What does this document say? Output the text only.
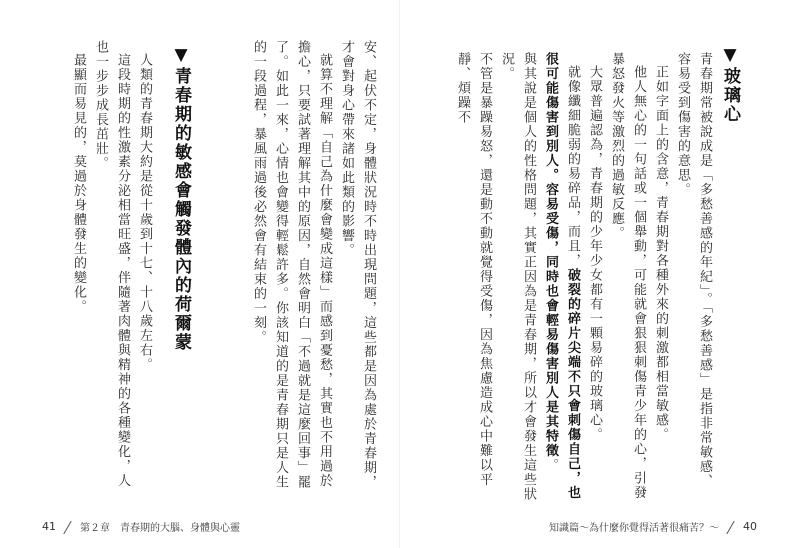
安、起伏不定，身體狀況時不時出現問題，這些都是因為處於青春期，才會對身心帶來諸如此類的影響。

就算不理解「自己為什麼會變成這樣」而感到憂愁，其實也不用過於擔心，只要試著理解其中的原因，自然會明白「不過就是這麼回事」罷了。如此一來，心情也會變得輕鬆許多。你該知道的是青春期只是人生的一段過程，暴風雨過後必然會有結束的一刻。

▼青春期的敏感會觸發體內的荷爾蒙

人類的青春期大約是從十歲到十七、十八歲左右。

這段時期的性激素分泌相當旺盛，伴隨著肉體與精神的各種變化，人也一步步成長茁壯。

最顯而易見的，莫過於身體發生的變化。

41 第２章　青春期的大腦、身體與心靈
▼玻璃心

青春期常被說成是「多愁善感的年紀」。「多愁善感」是指非常敏感、容易受到傷害的意思。

正如字面上的含意，青春期對各種外來的刺激都相當敏感。

他人無心的一句話或一個舉動，可能就會狠狠刺傷青少年的心，引發暴怒發火等激烈的過敏反應。

大眾普遍認為，青春期的少年少女都有一顆易碎的玻璃心。

就像纖細脆弱的易碎品，而且，破裂的碎片尖端不只會刺傷自己，也很可能傷害到別人。容易受傷，同時也會輕易傷害別人是其特徵。

與其說是個人的性格問題，其實正因為是青春期，所以才會發生這些狀況。

不管是暴躁易怒，還是動不動就覺得受傷，因為焦慮造成心中難以平靜、煩躁不

知識篇～為什麼你覺得活著很痛苦？～ 40
